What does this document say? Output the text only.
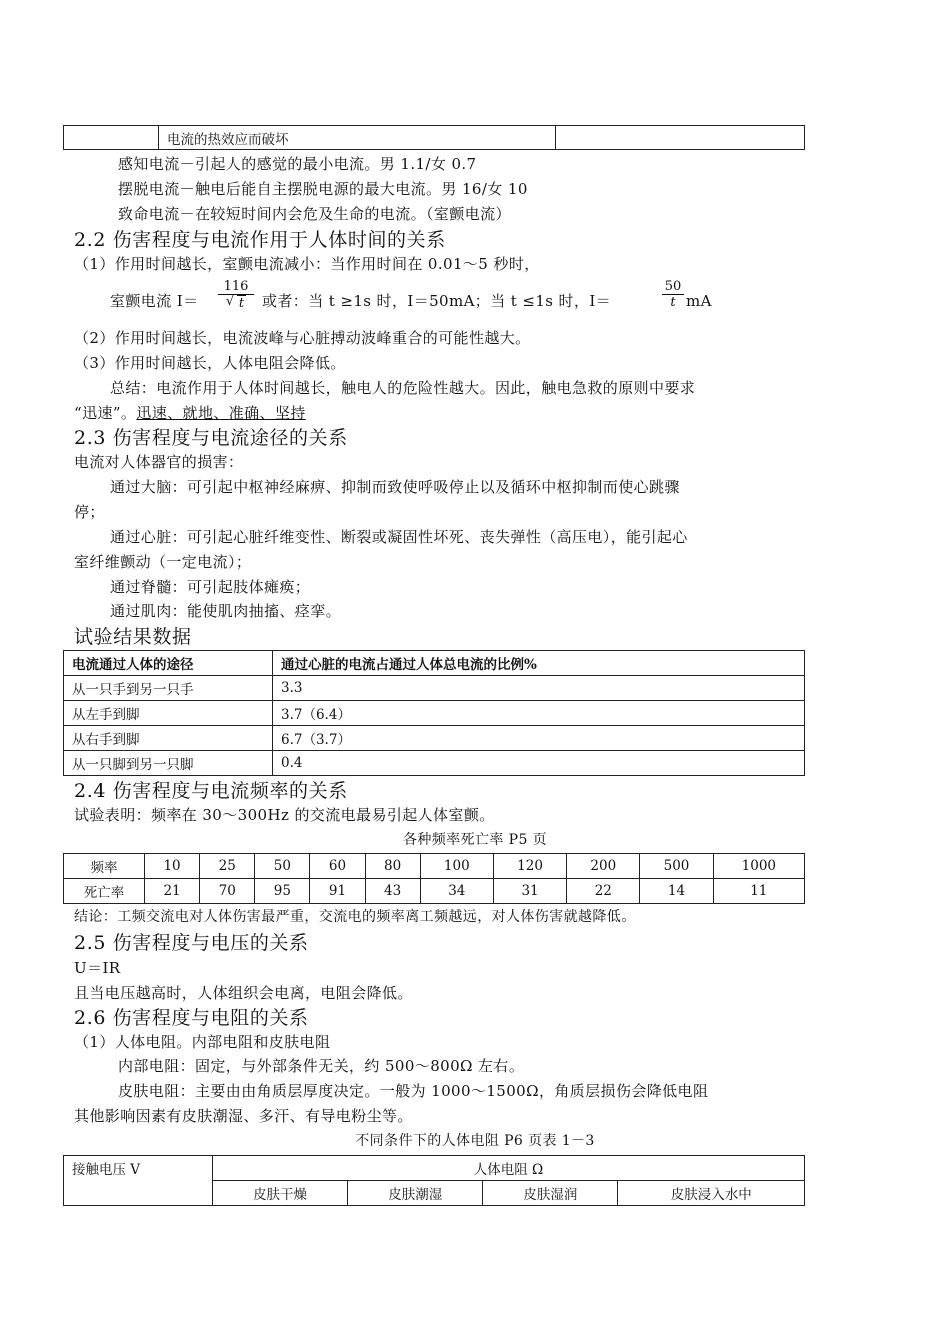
	电流的热效应而破坏	
感知电流－引起人的感觉的最小电流。男 1.1/女 0.7
摆脱电流－触电后能自主摆脱电源的最大电流。男 16/女 10
致命电流－在较短时间内会危及生命的电流。（室颤电流）
2.2 伤害程度与电流作用于人体时间的关系
（1）作用时间越长，室颤电流减小：当作用时间在 0.01～5 秒时，
室颤电流 I＝ 116
√ t 或者：当 t ≥1s 时，I＝50mA；当 t ≤1s 时，I＝	$\frac{50}{t}$ mA
（2）作用时间越长，电流波峰与心脏搏动波峰重合的可能性越大。
（3）作用时间越长，人体电阻会降低。
总结：电流作用于人体时间越长，触电人的危险性越大。因此，触电急救的原则中要求
“迅速”。迅速、就地、准确、坚持
2.3 伤害程度与电流途径的关系
电流对人体器官的损害：
通过大脑：可引起中枢神经麻痹、抑制而致使呼吸停止以及循环中枢抑制而使心跳骤
停；
通过心脏：可引起心脏纤维变性、断裂或凝固性坏死、丧失弹性（高压电），能引起心
室纤维颤动（一定电流）；
通过脊髓：可引起肢体瘫痪；
通过肌肉：能使肌肉抽搐、痉挛。
试验结果数据
电流通过人体的途径	通过心脏的电流占通过人体总电流的比例%
从一只手到另一只手	3.3
从左手到脚	3.7（6.4）
从右手到脚	6.7（3.7）
从一只脚到另一只脚	0.4
2.4 伤害程度与电流频率的关系
试验表明：频率在 30～300Hz 的交流电最易引起人体室颤。
各种频率死亡率 P5 页
频率	10	25	50	60	80	100	120	200	500	1000
死亡率	21	70	95	91	43	34	31	22	14	11
结论：工频交流电对人体伤害最严重，交流电的频率离工频越远，对人体伤害就越降低。
2.5 伤害程度与电压的关系
U＝IR
且当电压越高时，人体组织会电离，电阻会降低。
2.6 伤害程度与电阻的关系
（1）人体电阻。内部电阻和皮肤电阻
内部电阻：固定，与外部条件无关，约 500～800Ω 左右。
皮肤电阻：主要由由角质层厚度决定。一般为 1000～1500Ω，角质层损伤会降低电阻
其他影响因素有皮肤潮湿、多汗、有导电粉尘等。
不同条件下的人体电阻 P6 页表 1－3
接触电压 V	人体电阻 Ω			
	皮肤干燥	皮肤潮湿	皮肤湿润	皮肤浸入水中
